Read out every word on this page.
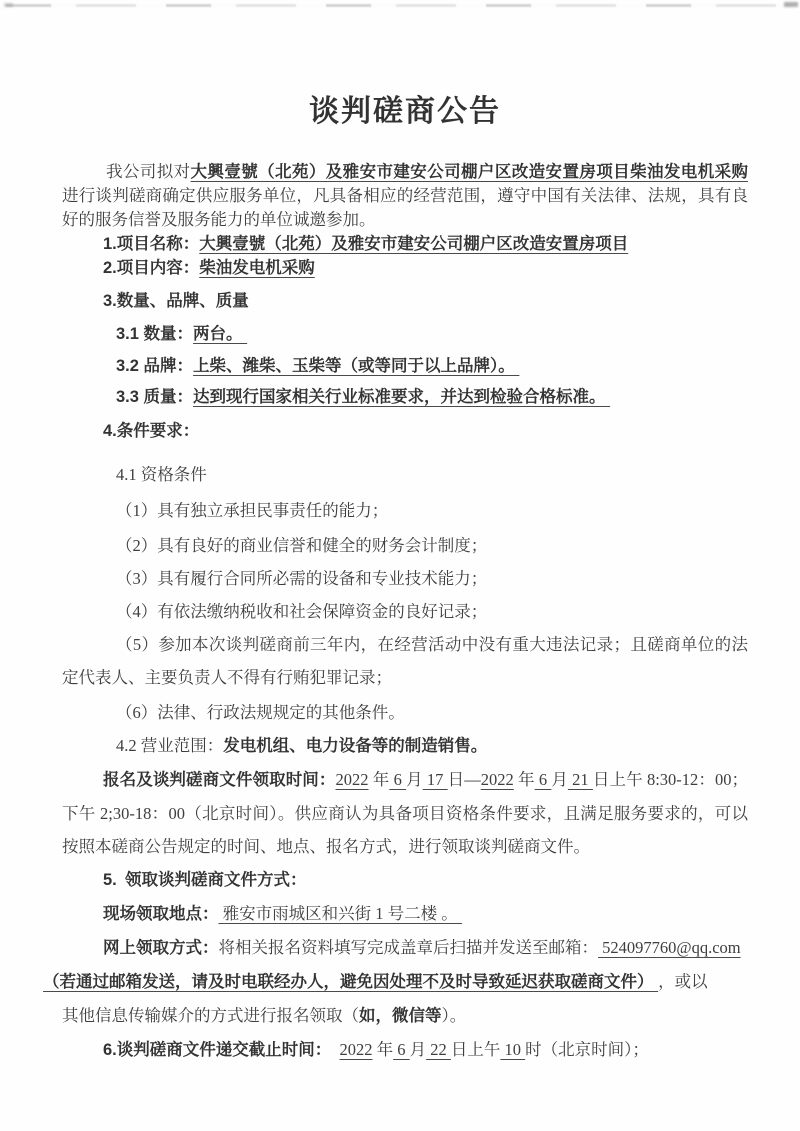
谈判磋商公告

我公司拟对大興壹號（北苑）及雅安市建安公司棚户区改造安置房项目柴油发电机采购进行谈判磋商确定供应服务单位，凡具备相应的经营范围，遵守中国有关法律、法规，具有良好的服务信誉及服务能力的单位诚邀参加。

1.项目名称：大興壹號（北苑）及雅安市建安公司棚户区改造安置房项目

2.项目内容：柴油发电机采购

3.数量、品牌、质量

3.1 数量：两台。

3.2 品牌：上柴、潍柴、玉柴等（或等同于以上品牌）。

3.3 质量：达到现行国家相关行业标准要求，并达到检验合格标准。

4.条件要求：

4.1 资格条件

（1）具有独立承担民事责任的能力；

（2）具有良好的商业信誉和健全的财务会计制度；

（3）具有履行合同所必需的设备和专业技术能力；

（4）有依法缴纳税收和社会保障资金的良好记录；

（5）参加本次谈判磋商前三年内，在经营活动中没有重大违法记录；且磋商单位的法定代表人、主要负责人不得有行贿犯罪记录；

（6）法律、行政法规规定的其他条件。

4.2 营业范围：发电机组、电力设备等的制造销售。

报名及谈判磋商文件领取时间：2022 年 6 月 17 日—2022 年 6 月 21 日上午 8:30-12：00；下午 2;30-18：00（北京时间）。供应商认为具备项目资格条件要求，且满足服务要求的，可以按照本磋商公告规定的时间、地点、报名方式，进行领取谈判磋商文件。

5. 领取谈判磋商文件方式：

现场领取地点： 雅安市雨城区和兴街 1 号二楼 。

网上领取方式：将相关报名资料填写完成盖章后扫描并发送至邮箱： 524097760@qq.com

（若通过邮箱发送，请及时电联经办人，避免因处理不及时导致延迟获取磋商文件） ，或以

其他信息传输媒介的方式进行报名领取（如，微信等）。

6.谈判磋商文件递交截止时间：　 2022 年 6 月 22 日上午 10 时（北京时间）；
